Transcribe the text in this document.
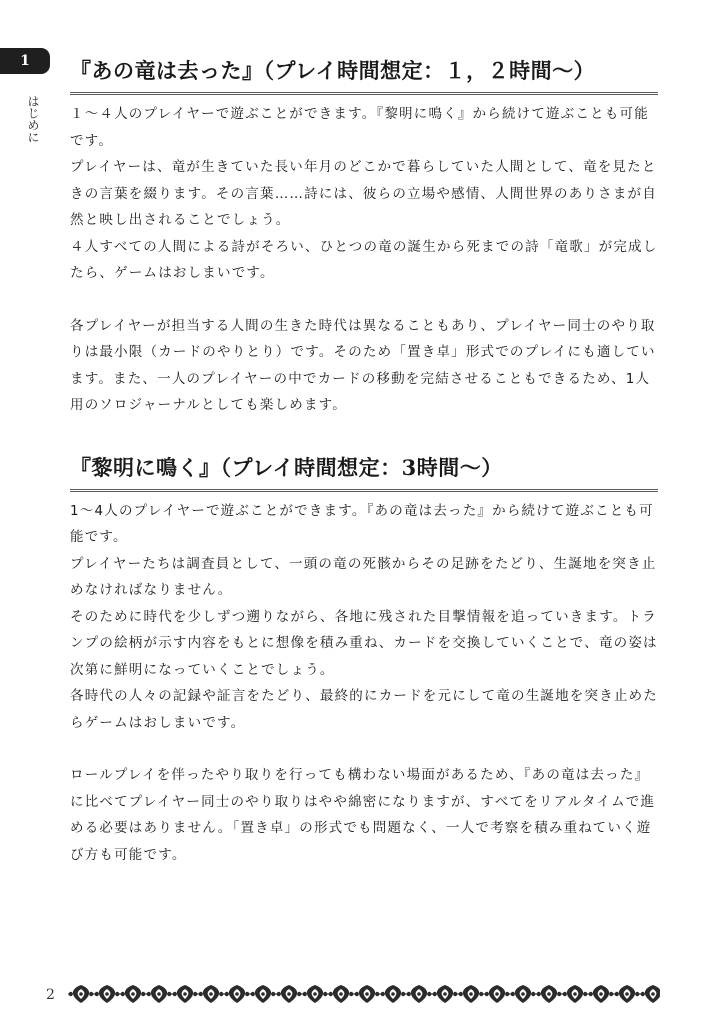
1
はじめに
『あの竜は去った』（プレイ時間想定：１，２時間〜）

１〜４人のプレイヤーで遊ぶことができます。『黎明に鳴く』から続けて遊ぶことも可能です。

プレイヤーは、竜が生きていた長い年月のどこかで暮らしていた人間として、竜を見たときの言葉を綴ります。その言葉……詩には、彼らの立場や感情、人間世界のありさまが自然と映し出されることでしょう。

４人すべての人間による詩がそろい、ひとつの竜の誕生から死までの詩「竜歌」が完成したら、ゲームはおしまいです。

各プレイヤーが担当する人間の生きた時代は異なることもあり、プレイヤー同士のやり取りは最小限（カードのやりとり）です。そのため「置き卓」形式でのプレイにも適しています。また、一人のプレイヤーの中でカードの移動を完結させることもできるため、1人用のソロジャーナルとしても楽しめます。

『黎明に鳴く』（プレイ時間想定：3時間〜）

1〜4人のプレイヤーで遊ぶことができます。『あの竜は去った』から続けて遊ぶことも可能です。

プレイヤーたちは調査員として、一頭の竜の死骸からその足跡をたどり、生誕地を突き止めなければなりません。

そのために時代を少しずつ遡りながら、各地に残された目撃情報を追っていきます。トランプの絵柄が示す内容をもとに想像を積み重ね、カードを交換していくことで、竜の姿は次第に鮮明になっていくことでしょう。

各時代の人々の記録や証言をたどり、最終的にカードを元にして竜の生誕地を突き止めたらゲームはおしまいです。

ロールプレイを伴ったやり取りを行っても構わない場面があるため、『あの竜は去った』に比べてプレイヤー同士のやり取りはやや綿密になりますが、すべてをリアルタイムで進める必要はありません。「置き卓」の形式でも問題なく、一人で考察を積み重ねていく遊び方も可能です。

2
